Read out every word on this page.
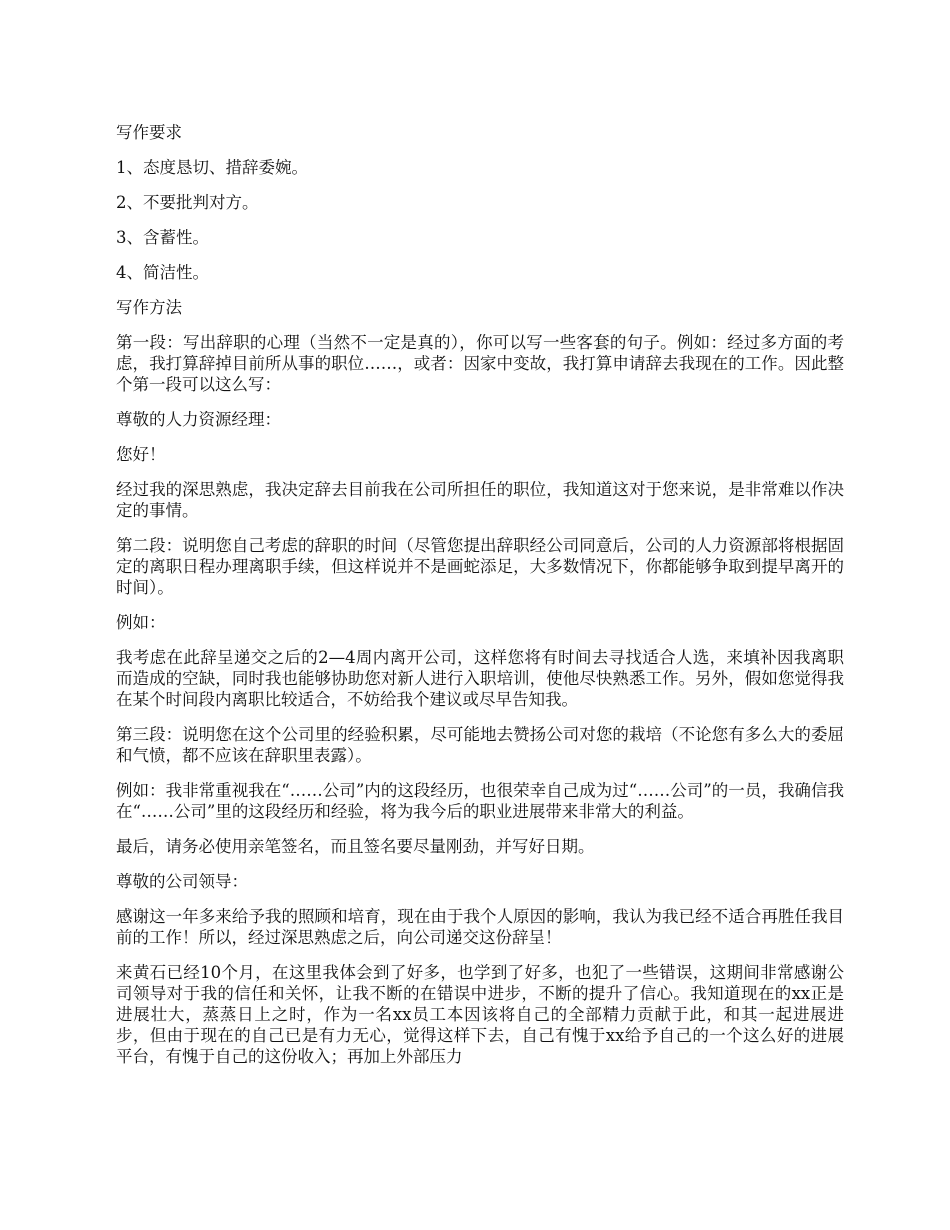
写作要求

1、态度恳切、措辞委婉。

2、不要批判对方。

3、含蓄性。

4、简洁性。

写作方法

第一段：写出辞职的心理（当然不一定是真的），你可以写一些客套的句子。例如：经过多方面的考虑，我打算辞掉目前所从事的职位……，或者：因家中变故，我打算申请辞去我现在的工作。因此整个第一段可以这么写：

尊敬的人力资源经理：

您好！

经过我的深思熟虑，我决定辞去目前我在公司所担任的职位，我知道这对于您来说，是非常难以作决定的事情。

第二段：说明您自己考虑的辞职的时间（尽管您提出辞职经公司同意后，公司的人力资源部将根据固定的离职日程办理离职手续，但这样说并不是画蛇添足，大多数情况下，你都能够争取到提早离开的时间）。

例如：

我考虑在此辞呈递交之后的2—4周内离开公司，这样您将有时间去寻找适合人选，来填补因我离职而造成的空缺，同时我也能够协助您对新人进行入职培训，使他尽快熟悉工作。另外，假如您觉得我在某个时间段内离职比较适合，不妨给我个建议或尽早告知我。

第三段：说明您在这个公司里的经验积累，尽可能地去赞扬公司对您的栽培（不论您有多么大的委屈和气愤，都不应该在辞职里表露）。

例如：我非常重视我在“……公司”内的这段经历，也很荣幸自己成为过“……公司”的一员，我确信我在“……公司”里的这段经历和经验，将为我今后的职业进展带来非常大的利益。

最后，请务必使用亲笔签名，而且签名要尽量刚劲，并写好日期。

尊敬的公司领导：

感谢这一年多来给予我的照顾和培育，现在由于我个人原因的影响，我认为我已经不适合再胜任我目前的工作！所以，经过深思熟虑之后，向公司递交这份辞呈！

来黄石已经10个月，在这里我体会到了好多，也学到了好多，也犯了一些错误，这期间非常感谢公司领导对于我的信任和关怀，让我不断的在错误中进步，不断的提升了信心。我知道现在的xx正是进展壮大，蒸蒸日上之时，作为一名xx员工本因该将自己的全部精力贡献于此，和其一起进展进步，但由于现在的自己已是有力无心，觉得这样下去，自己有愧于xx给予自己的一个这么好的进展平台，有愧于自己的这份收入；再加上外部压力
